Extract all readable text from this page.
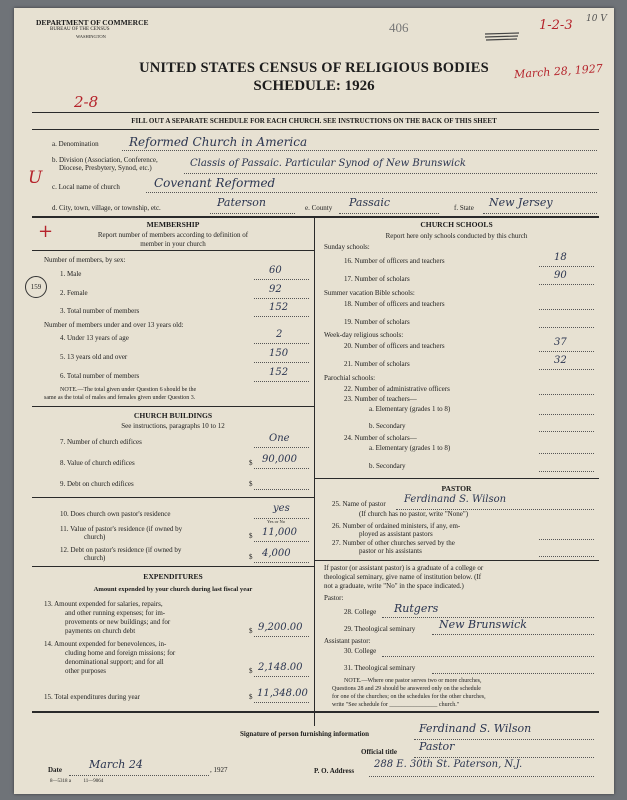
DEPARTMENT OF COMMERCE
BUREAU OF THE CENSUS
WASHINGTON
406	1-2-3 10 V
March 28, 1927
UNITED STATES CENSUS OF RELIGIOUS BODIES
SCHEDULE: 1926
2-8
FILL OUT A SEPARATE SCHEDULE FOR EACH CHURCH. SEE INSTRUCTIONS ON THE BACK OF THIS SHEET
a. Denomination	Reformed Church in America
b. Division (Association, Conference,
Diocese, Presbytery, Synod, etc.)	Classis of Passaic. Particular Synod of New Brunswick
c. Local name of church	Covenant Reformed
U
+
d. City, town, village, or township, etc.	Paterson	e. County Passaic	f. State New Jersey
MEMBERSHIP
Report number of members according to definition of
member in your church
Number of members, by sex:
1. Male	60
2. Female	92
3. Total number of members	152
159
Number of members under and over 13 years old:
4. Under 13 years of age	2
5. 13 years old and over	150
6. Total number of members	152
NOTE.—The total given under Question 6 should be the
same as the total of males and females given under Question 3.
CHURCH BUILDINGS
See instructions, paragraphs 10 to 12
7. Number of church edifices	One
8. Value of church edifices	$ 90,000
9. Debt on church edifices	$
10. Does church own pastor's residence	yes
Yes or No
11. Value of pastor's residence (if owned by
church)	$ 11,000
12. Debt on pastor's residence (if owned by
church)	$ 4,000
EXPENDITURES
Amount expended by your church during last fiscal year
13. Amount expended for salaries, repairs,
and other running expenses; for im-
provements or new buildings; and for
payments on church debt	$ 9,200.00
14. Amount expended for benevolences, in-
cluding home and foreign missions; for
denominational support; and for all
other purposes	$ 2,148.00
15. Total expenditures during year	$ 11,348.00
CHURCH SCHOOLS
Report here only schools conducted by this church
Sunday schools:
16. Number of officers and teachers	18
17. Number of scholars	90
Summer vacation Bible schools:
18. Number of officers and teachers
19. Number of scholars
Week-day religious schools:
20. Number of officers and teachers	37
21. Number of scholars	32
Parochial schools:
22. Number of administrative officers
23. Number of teachers—
a. Elementary (grades 1 to 8)
b. Secondary
24. Number of scholars—
a. Elementary (grades 1 to 8)
b. Secondary
PASTOR
25. Name of pastor Ferdinand S. Wilson
(If church has no pastor, write "None")
26. Number of ordained ministers, if any, em-
ployed as assistant pastors
27. Number of other churches served by the
pastor or his assistants
If pastor (or assistant pastor) is a graduate of a college or
theological seminary, give name of institution below. (If
not a graduate, write "No" in the space indicated.)
Pastor:
28. College Rutgers
29. Theological seminary New Brunswick
Assistant pastor:
30. College
31. Theological seminary
NOTE.—Where one pastor serves two or more churches,
Questions 28 and 29 should be answered only on the schedule
for one of the churches; on the schedules for the other churches,
write "See schedule for ________________ church."
Signature of person furnishing information	Ferdinand S. Wilson
Official title Pastor
Date March 24	, 1927	P. O. Address
288 E. 30th St. Paterson, N.J.
8—5318 a          11—9064
